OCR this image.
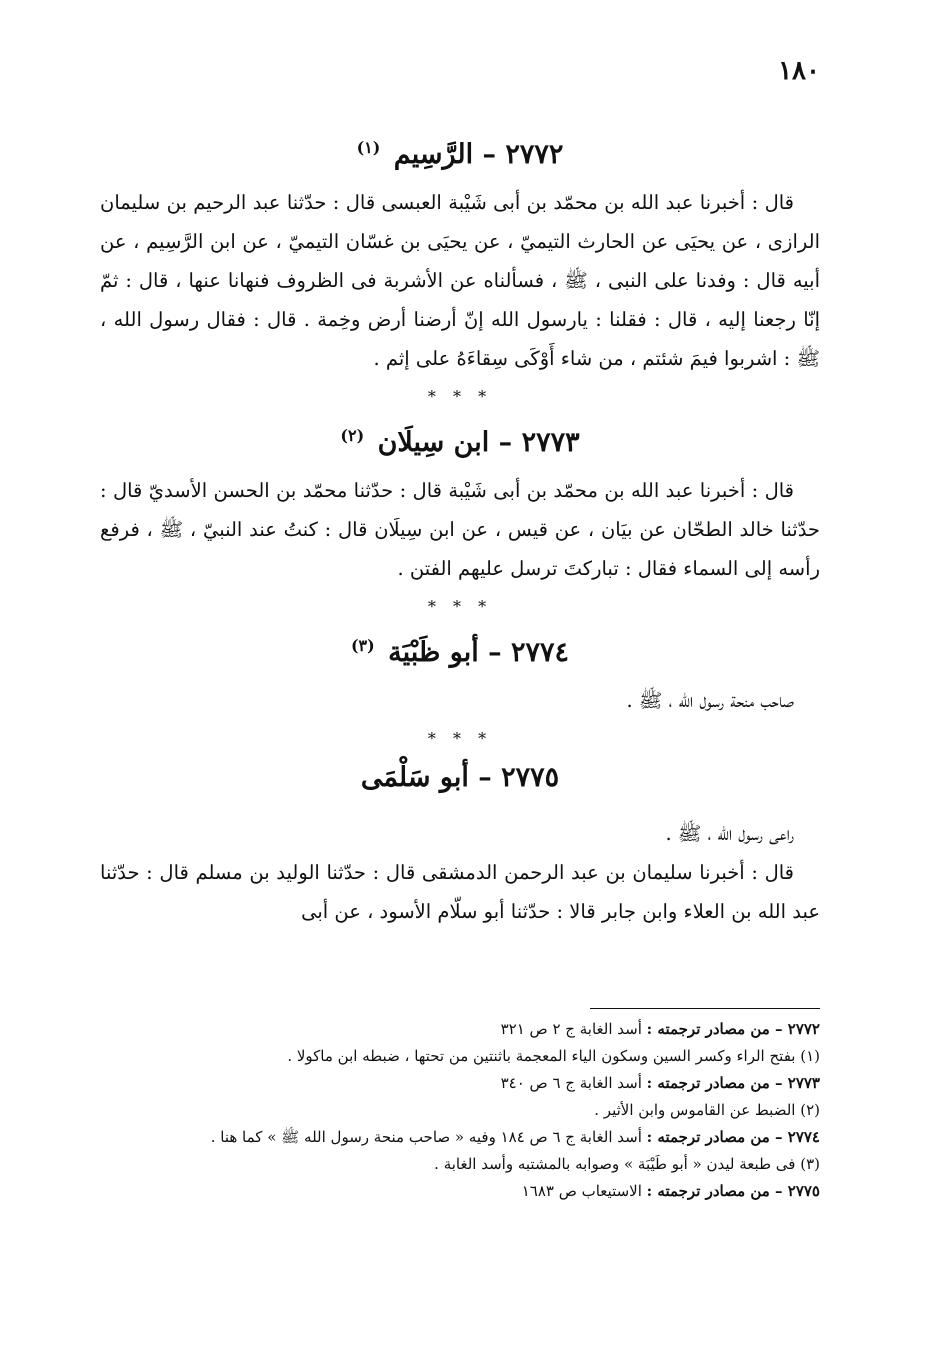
١٨٠
٢٧٧٢ – الرَّسِيم $^{(١)}$

قال : أخبرنا عبد الله بن محمّد بن أبى شَيْبة العبسى قال : حدّثنا عبد الرحيم بن سليمان الرازى ، عن يحيَى عن الحارث التيميّ ، عن يحيَى بن غسّان التيميّ ، عن ابن الرَّسِيم ، عن أبيه قال : وفدنا على النبى ، ﷺ ، فسألناه عن الأشربة فى الظروف فنهانا عنها ، قال : ثمّ إنّا رجعنا إليه ، قال : فقلنا : يارسول الله إنّ أرضنا أرض وخِمة . قال : فقال رسول الله ، ﷺ : اشربوا فيمَ شئتم ، من شاء أَوْكَى سِقاءَهُ على إثم .

* * *
٢٧٧٣ – ابن سِيلَان $^{(٢)}$

قال : أخبرنا عبد الله بن محمّد بن أبى شَيْبة قال : حدّثنا محمّد بن الحسن الأسديّ قال : حدّثنا خالد الطحّان عن بيَان ، عن قيس ، عن ابن سِيلَان قال : كنتُ عند النبيّ ، ﷺ ، فرفع رأسه إلى السماء فقال : تباركتَ ترسل عليهم الفتن .

* * *
٢٧٧٤ – أبو ظَبْيَة $^{(٣)}$

صاحب منحة رسول الله ، ﷺ .

* * *
٢٧٧٥ – أبو سَلْمَى

راعى رسول الله ، ﷺ .

قال : أخبرنا سليمان بن عبد الرحمن الدمشقى قال : حدّثنا الوليد بن مسلم قال : حدّثنا عبد الله بن العلاء وابن جابر قالا : حدّثنا أبو سلّام الأسود ، عن أبى

٢٧٧٢ – من مصادر ترجمته : أسد الغابة ج ٢ ص ٣٢١

(١) بفتح الراء وكسر السين وسكون الياء المعجمة باثنتين من تحتها ، ضبطه ابن ماكولا .

٢٧٧٣ – من مصادر ترجمته : أسد الغابة ج ٦ ص ٣٤٠

(٢) الضبط عن القاموس وابن الأثير .

٢٧٧٤ – من مصادر ترجمته : أسد الغابة ج ٦ ص ١٨٤ وفيه « صاحب منحة رسول الله ﷺ » كما هنا .

(٣) فى طبعة ليدن « أبو طَيْبَة » وصوابه بالمشتبه وأسد الغابة .

٢٧٧٥ – من مصادر ترجمته : الاستيعاب ص ١٦٨٣
